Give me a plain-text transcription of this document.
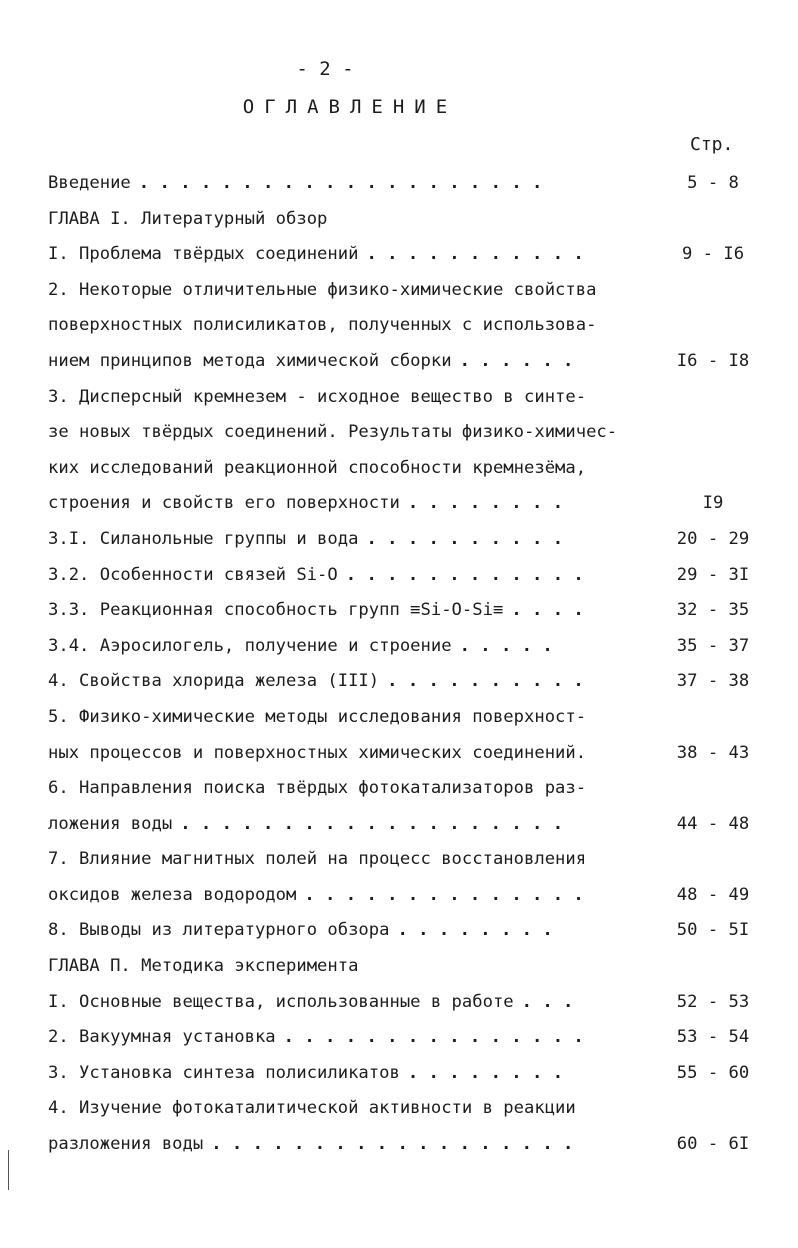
- 2 -
ОГЛАВЛЕНИЕ
Стр.
Введение . . . . . . . . . . . . . . . . . . . .	5 - 8
ГЛАВА I. Литературный обзор
I. Проблема твёрдых соединений . . . . . . . . . . .	9 - I6
2. Некоторые отличительные физико-химические свойства
поверхностных полисиликатов, полученных с использова-
нием принципов метода химической сборки . . . . . .	I6 - I8
3. Дисперсный кремнезем - исходное вещество в синте-
зе новых твёрдых соединений. Результаты физико-химичес-
ких исследований реакционной способности кремнезёма,
строения и свойств его поверхности . . . . . . . .	I9
3.I. Силанольные группы и вода . . . . . . . . . .	20 - 29
3.2. Особенности связей Si-O . . . . . . . . . . . .	29 - 3I
3.3. Реакционная способность групп ≡Si-O-Si≡ . . . .	32 - 35
3.4. Аэросилогель, получение и строение . . . . .	35 - 37
4. Свойства хлорида железа (III) . . . . . . . . . .	37 - 38
5. Физико-химические методы исследования поверхност-
ных процессов и поверхностных химических соединений.	38 - 43
6. Направления поиска твёрдых фотокатализаторов раз-
ложения воды . . . . . . . . . . . . . . . . . . .	44 - 48
7. Влияние магнитных полей на процесс восстановления
оксидов железа водородом . . . . . . . . . . . . . .	48 - 49
8. Выводы из литературного обзора . . . . . . . .	50 - 5I
ГЛАВА П. Методика эксперимента
I. Основные вещества, использованные в работе . . .	52 - 53
2. Вакуумная установка . . . . . . . . . . . . . . .	53 - 54
3. Установка синтеза полисиликатов . . . . . . . .	55 - 60
4. Изучение фотокаталитической активности в реакции
разложения воды . . . . . . . . . . . . . . . . . .	60 - 6I
